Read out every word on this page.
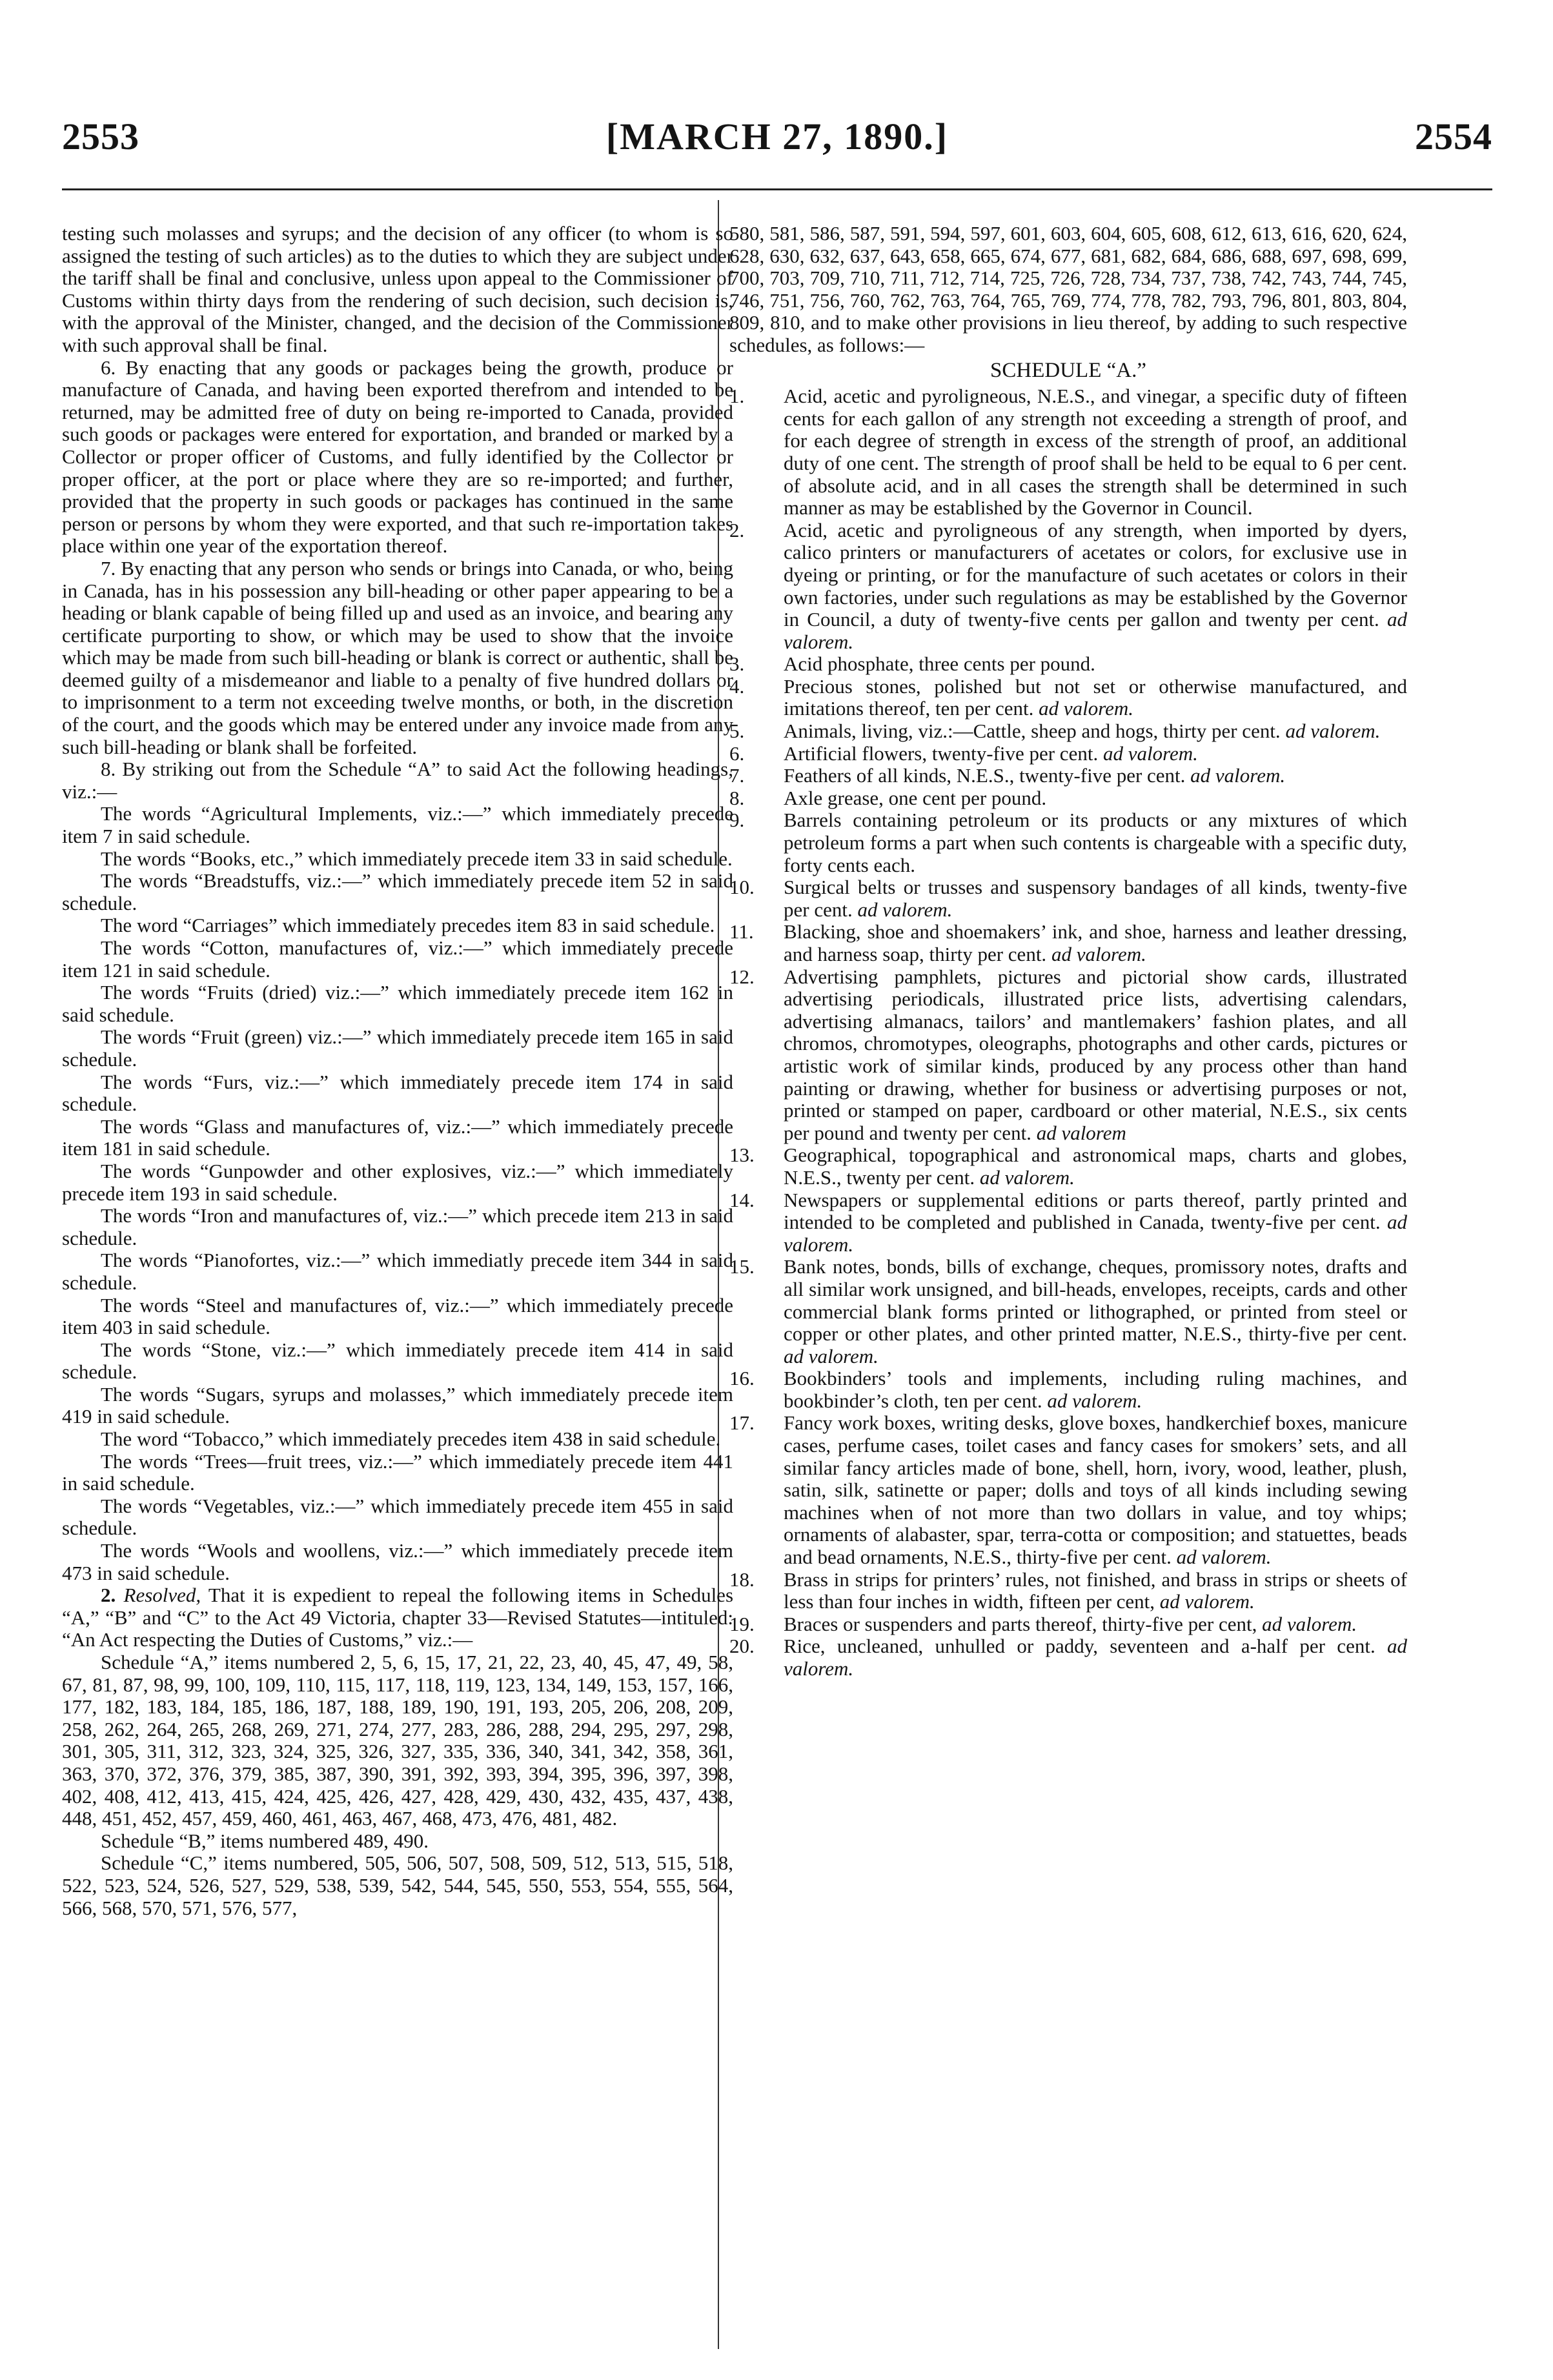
2553	[MARCH 27, 1890.]	2554

testing such molasses and syrups; and the decision of any officer (to whom is so assigned the testing of such articles) as to the duties to which they are subject under the tariff shall be final and conclusive, unless upon appeal to the Commissioner of Customs within thirty days from the rendering of such decision, such decision is, with the approval of the Minister, changed, and the decision of the Commissioner with such approval shall be final.

6. By enacting that any goods or packages being the growth, produce or manufacture of Canada, and having been exported therefrom and intended to be returned, may be admitted free of duty on being re-imported to Canada, provided such goods or packages were entered for exportation, and branded or marked by a Collector or proper officer of Customs, and fully identified by the Collector or proper officer, at the port or place where they are so re-imported; and further, provided that the property in such goods or packages has continued in the same person or persons by whom they were exported, and that such re-importation takes place within one year of the exportation thereof.

7. By enacting that any person who sends or brings into Canada, or who, being in Canada, has in his possession any bill-heading or other paper appearing to be a heading or blank capable of being filled up and used as an invoice, and bearing any certificate purporting to show, or which may be used to show that the invoice which may be made from such bill-heading or blank is correct or authentic, shall be deemed guilty of a misdemeanor and liable to a penalty of five hundred dollars or to imprisonment to a term not exceeding twelve months, or both, in the discretion of the court, and the goods which may be entered under any invoice made from any such bill-heading or blank shall be forfeited.

8. By striking out from the Schedule “A” to said Act the following headings, viz.:—

The words “Agricultural Implements, viz.:—” which immediately precede item 7 in said schedule.

The words “Books, etc.,” which immediately precede item 33 in said schedule.

The words “Breadstuffs, viz.:—” which immediately precede item 52 in said schedule.

The word “Carriages” which immediately precedes item 83 in said schedule.

The words “Cotton, manufactures of, viz.:—” which immediately precede item 121 in said schedule.

The words “Fruits (dried) viz.:—” which immediately precede item 162 in said schedule.

The words “Fruit (green) viz.:—” which immediately precede item 165 in said schedule.

The words “Furs, viz.:—” which immediately precede item 174 in said schedule.

The words “Glass and manufactures of, viz.:—” which immediately precede item 181 in said schedule.

The words “Gunpowder and other explosives, viz.:—” which immediately precede item 193 in said schedule.

The words “Iron and manufactures of, viz.:—” which precede item 213 in said schedule.

The words “Pianofortes, viz.:—” which immediatly precede item 344 in said schedule.

The words “Steel and manufactures of, viz.:—” which immediately precede item 403 in said schedule.

The words “Stone, viz.:—” which immediately precede item 414 in said schedule.

The words “Sugars, syrups and molasses,” which immediately precede item 419 in said schedule.

The word “Tobacco,” which immediately precedes item 438 in said schedule.

The words “Trees—fruit trees, viz.:—” which immediately precede item 441 in said schedule.

The words “Vegetables, viz.:—” which immediately precede item 455 in said schedule.

The words “Wools and woollens, viz.:—” which immediately precede item 473 in said schedule.

2. Resolved, That it is expedient to repeal the following items in Schedules “A,” “B” and “C” to the Act 49 Victoria, chapter 33—Revised Statutes—intituled: “An Act respecting the Duties of Customs,” viz.:—

Schedule “A,” items numbered 2, 5, 6, 15, 17, 21, 22, 23, 40, 45, 47, 49, 58, 67, 81, 87, 98, 99, 100, 109, 110, 115, 117, 118, 119, 123, 134, 149, 153, 157, 166, 177, 182, 183, 184, 185, 186, 187, 188, 189, 190, 191, 193, 205, 206, 208, 209, 258, 262, 264, 265, 268, 269, 271, 274, 277, 283, 286, 288, 294, 295, 297, 298, 301, 305, 311, 312, 323, 324, 325, 326, 327, 335, 336, 340, 341, 342, 358, 361, 363, 370, 372, 376, 379, 385, 387, 390, 391, 392, 393, 394, 395, 396, 397, 398, 402, 408, 412, 413, 415, 424, 425, 426, 427, 428, 429, 430, 432, 435, 437, 438, 448, 451, 452, 457, 459, 460, 461, 463, 467, 468, 473, 476, 481, 482.

Schedule “B,” items numbered 489, 490.

Schedule “C,” items numbered, 505, 506, 507, 508, 509, 512, 513, 515, 518, 522, 523, 524, 526, 527, 529, 538, 539, 542, 544, 545, 550, 553, 554, 555, 564, 566, 568, 570, 571, 576, 577,

580, 581, 586, 587, 591, 594, 597, 601, 603, 604, 605, 608, 612, 613, 616, 620, 624, 628, 630, 632, 637, 643, 658, 665, 674, 677, 681, 682, 684, 686, 688, 697, 698, 699, 700, 703, 709, 710, 711, 712, 714, 725, 726, 728, 734, 737, 738, 742, 743, 744, 745, 746, 751, 756, 760, 762, 763, 764, 765, 769, 774, 778, 782, 793, 796, 801, 803, 804, 809, 810, and to make other provisions in lieu thereof, by adding to such respective schedules, as follows:—

SCHEDULE “A.”

1. Acid, acetic and pyroligneous, N.E.S., and vinegar, a specific duty of fifteen cents for each gallon of any strength not exceeding a strength of proof, and for each degree of strength in excess of the strength of proof, an additional duty of one cent. The strength of proof shall be held to be equal to 6 per cent. of absolute acid, and in all cases the strength shall be determined in such manner as may be established by the Governor in Council.

2. Acid, acetic and pyroligneous of any strength, when imported by dyers, calico printers or manufacturers of acetates or colors, for exclusive use in dyeing or printing, or for the manufacture of such acetates or colors in their own factories, under such regulations as may be established by the Governor in Council, a duty of twenty-five cents per gallon and twenty per cent. ad valorem.

3. Acid phosphate, three cents per pound.

4. Precious stones, polished but not set or otherwise manufactured, and imitations thereof, ten per cent. ad valorem.

5. Animals, living, viz.:—Cattle, sheep and hogs, thirty per cent. ad valorem.

6. Artificial flowers, twenty-five per cent. ad valorem.

7. Feathers of all kinds, N.E.S., twenty-five per cent. ad valorem.

8. Axle grease, one cent per pound.

9. Barrels containing petroleum or its products or any mixtures of which petroleum forms a part when such contents is chargeable with a specific duty, forty cents each.

10. Surgical belts or trusses and suspensory bandages of all kinds, twenty-five per cent. ad valorem.

11. Blacking, shoe and shoemakers’ ink, and shoe, harness and leather dressing, and harness soap, thirty per cent. ad valorem.

12. Advertising pamphlets, pictures and pictorial show cards, illustrated advertising periodicals, illustrated price lists, advertising calendars, advertising almanacs, tailors’ and mantlemakers’ fashion plates, and all chromos, chromotypes, oleographs, photographs and other cards, pictures or artistic work of similar kinds, produced by any process other than hand painting or drawing, whether for business or advertising purposes or not, printed or stamped on paper, cardboard or other material, N.E.S., six cents per pound and twenty per cent. ad valorem

13. Geographical, topographical and astronomical maps, charts and globes, N.E.S., twenty per cent. ad valorem.

14. Newspapers or supplemental editions or parts thereof, partly printed and intended to be completed and published in Canada, twenty-five per cent. ad valorem.

15. Bank notes, bonds, bills of exchange, cheques, promissory notes, drafts and all similar work unsigned, and bill-heads, envelopes, receipts, cards and other commercial blank forms printed or lithographed, or printed from steel or copper or other plates, and other printed matter, N.E.S., thirty-five per cent. ad valorem.

16. Bookbinders’ tools and implements, including ruling machines, and bookbinder’s cloth, ten per cent. ad valorem.

17. Fancy work boxes, writing desks, glove boxes, handkerchief boxes, manicure cases, perfume cases, toilet cases and fancy cases for smokers’ sets, and all similar fancy articles made of bone, shell, horn, ivory, wood, leather, plush, satin, silk, satinette or paper; dolls and toys of all kinds including sewing machines when of not more than two dollars in value, and toy whips; ornaments of alabaster, spar, terra-cotta or composition; and statuettes, beads and bead ornaments, N.E.S., thirty-five per cent. ad valorem.

18. Brass in strips for printers’ rules, not finished, and brass in strips or sheets of less than four inches in width, fifteen per cent, ad valorem.

19. Braces or suspenders and parts thereof, thirty-five per cent, ad valorem.

20. Rice, uncleaned, unhulled or paddy, seventeen and a-half per cent. ad valorem.
